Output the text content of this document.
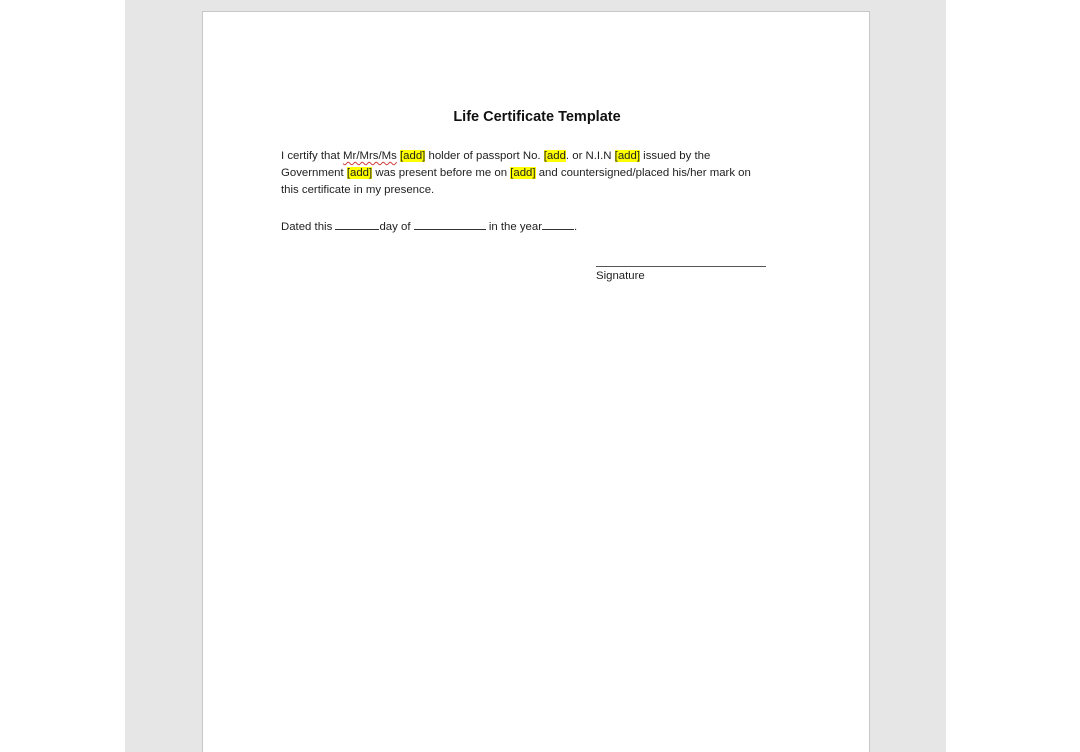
Life Certificate Template
I certify that Mr/Mrs/Ms [add] holder of passport No. [add. or N.I.N [add] issued by the
Government [add] was present before me on [add] and countersigned/placed his/her mark on
this certificate in my presence.
Dated this	day of	in the year	.
Signature
